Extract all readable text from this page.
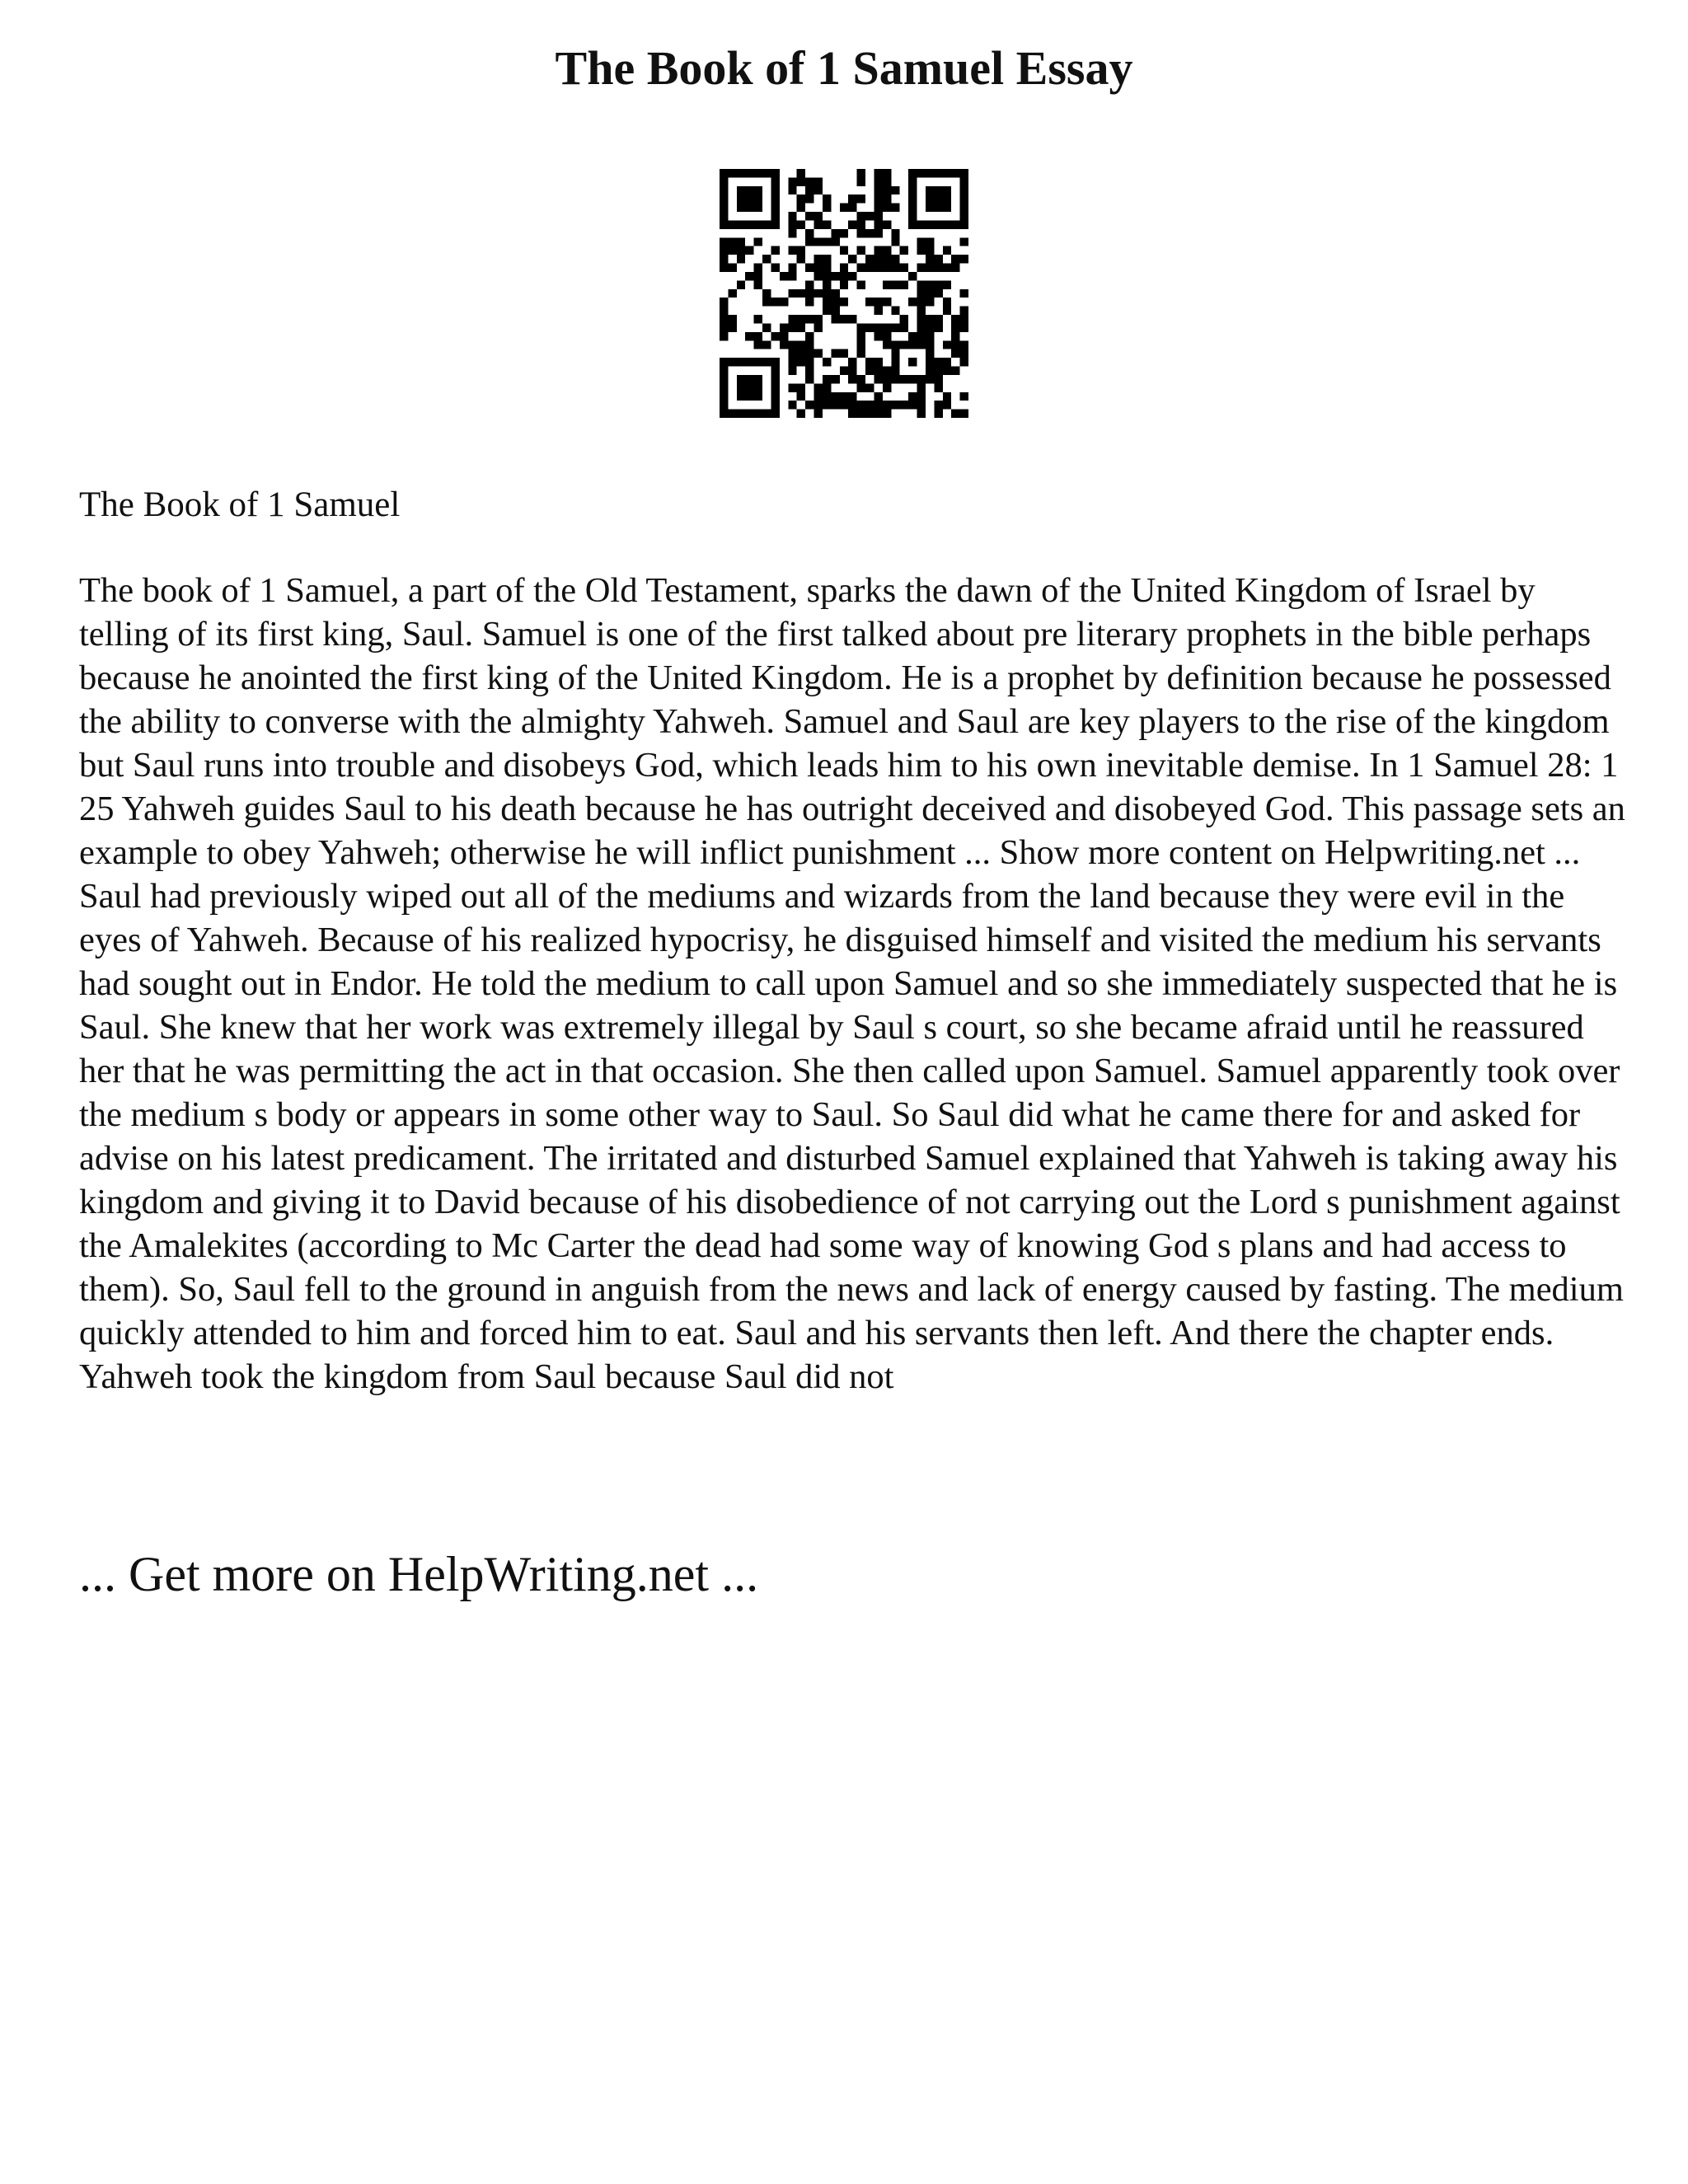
The Book of 1 Samuel Essay
The Book of 1 Samuel

The book of 1 Samuel, a part of the Old Testament, sparks the dawn of the United Kingdom of Israel by telling of its first king, Saul. Samuel is one of the first talked about pre literary prophets in the bible perhaps because he anointed the first king of the United Kingdom. He is a prophet by definition because he possessed the ability to converse with the almighty Yahweh. Samuel and Saul are key players to the rise of the kingdom but Saul runs into trouble and disobeys God, which leads him to his own inevitable demise. In 1 Samuel 28: 1 25 Yahweh guides Saul to his death because he has outright deceived and disobeyed God. This passage sets an example to obey Yahweh; otherwise he will inflict punishment ... Show more content on Helpwriting.net ...

Saul had previously wiped out all of the mediums and wizards from the land because they were evil in the eyes of Yahweh. Because of his realized hypocrisy, he disguised himself and visited the medium his servants had sought out in Endor. He told the medium to call upon Samuel and so she immediately suspected that he is Saul. She knew that her work was extremely illegal by Saul s court, so she became afraid until he reassured her that he was permitting the act in that occasion. She then called upon Samuel. Samuel apparently took over the medium s body or appears in some other way to Saul. So Saul did what he came there for and asked for advise on his latest predicament. The irritated and disturbed Samuel explained that Yahweh is taking away his kingdom and giving it to David because of his disobedience of not carrying out the Lord s punishment against the Amalekites (according to Mc Carter the dead had some way of knowing God s plans and had access to them). So, Saul fell to the ground in anguish from the news and lack of energy caused by fasting. The medium quickly attended to him and forced him to eat. Saul and his servants then left. And there the chapter ends. Yahweh took the kingdom from Saul because Saul did not

... Get more on HelpWriting.net ...
